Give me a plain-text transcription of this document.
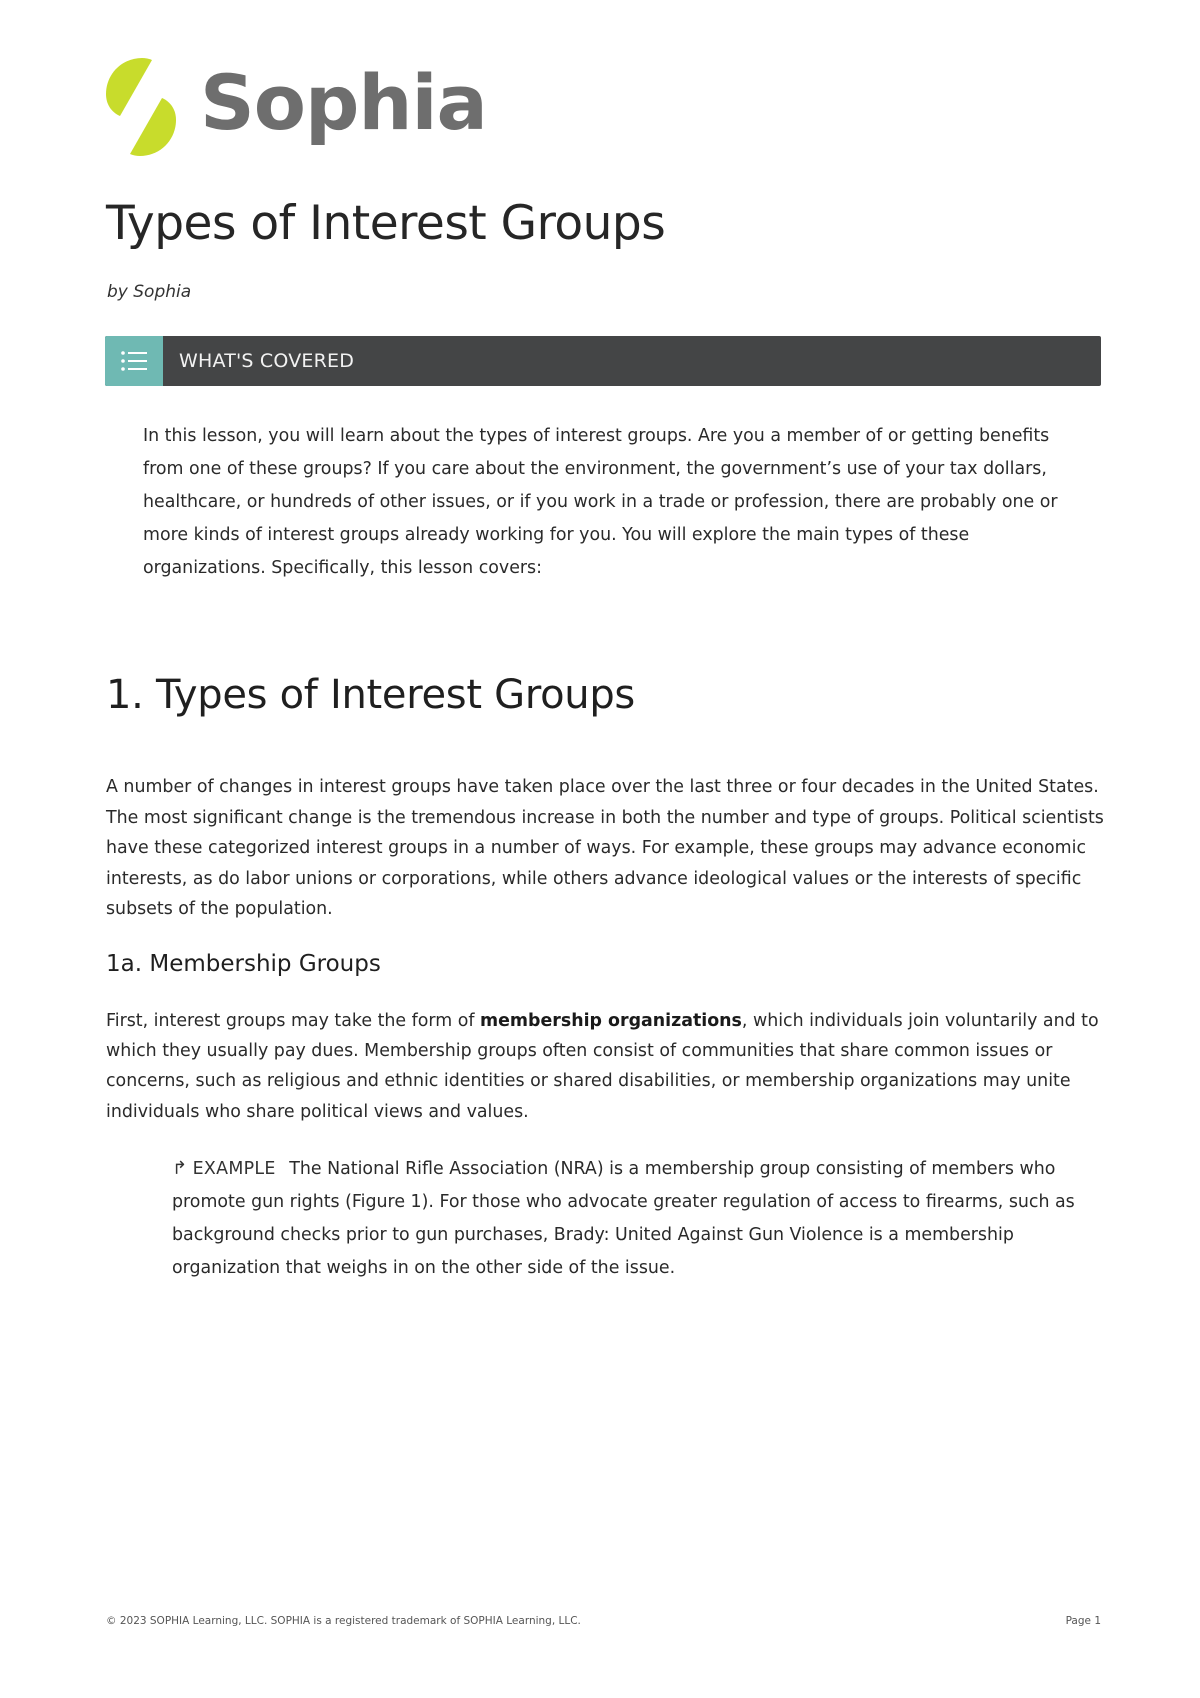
Sophia
Types of Interest Groups
by Sophia
WHAT'S COVERED

In this lesson, you will learn about the types of interest groups. Are you a member of or getting benefits from one of these groups? If you care about the environment, the government’s use of your tax dollars, healthcare, or hundreds of other issues, or if you work in a trade or profession, there are probably one or more kinds of interest groups already working for you. You will explore the main types of these organizations. Specifically, this lesson covers:

1. Types of Interest Groups

A number of changes in interest groups have taken place over the last three or four decades in the United States. The most significant change is the tremendous increase in both the number and type of groups. Political scientists have these categorized interest groups in a number of ways. For example, these groups may advance economic interests, as do labor unions or corporations, while others advance ideological values or the interests of specific subsets of the population.

1a. Membership Groups

First, interest groups may take the form of membership organizations, which individuals join voluntarily and to which they usually pay dues. Membership groups often consist of communities that share common issues or concerns, such as religious and ethnic identities or shared disabilities, or membership organizations may unite individuals who share political views and values.

↱ EXAMPLE The National Rifle Association (NRA) is a membership group consisting of members who promote gun rights (Figure 1). For those who advocate greater regulation of access to firearms, such as background checks prior to gun purchases, Brady: United Against Gun Violence is a membership organization that weighs in on the other side of the issue.

© 2023 SOPHIA Learning, LLC. SOPHIA is a registered trademark of SOPHIA Learning, LLC.	Page 1
